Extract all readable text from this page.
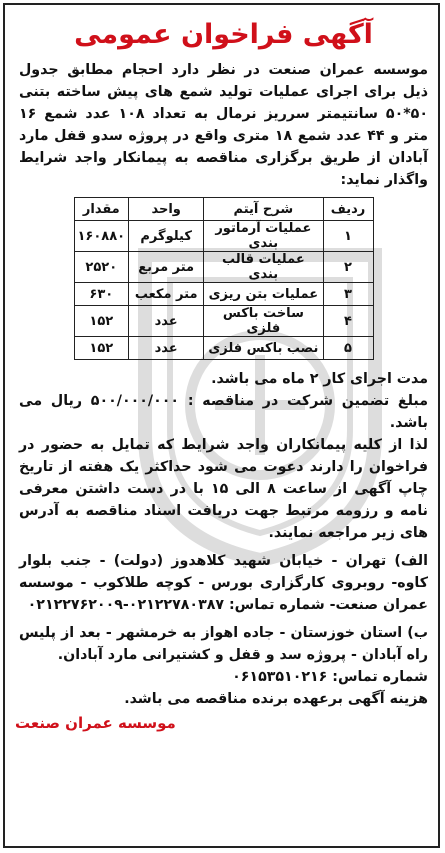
آگهی فراخوان عمومی
موسسه عمران صنعت در نظر دارد احجام مطابق جدول ذیل برای اجرای عملیات تولید شمع های پیش ساخته بتنی ۵۰*۵۰ سانتیمتر سرریز نرمال به تعداد ۱۰۸ عدد شمع ۱۶ متر و ۴۴ عدد شمع ۱۸ متری واقع در پروژه سدو قفل مارد آبادان از طریق برگزاری مناقصه به پیمانکار واجد شرایط واگذار نماید:
ردیف	شرح آیتم	واحد	مقدار
۱	عملیات آرماتور بندی	کیلوگرم	۱۶۰۸۸۰
۲	عملیات قالب بندی	متر مربع	۲۵۲۰
۳	عملیات بتن ریزی	متر مکعب	۶۳۰
۴	ساخت باکس فلزی	عدد	۱۵۲
۵	نصب باکس فلزی	عدد	۱۵۲
مدت اجرای کار ۲ ماه می باشد.
مبلغ تضمین شرکت در مناقصه : ۵۰۰/۰۰۰/۰۰۰ ریال می باشد.
لذا از کلیه پیمانکاران واجد شرایط که تمایل به حضور در فراخوان را دارند دعوت می شود حداکثر یک هفته از تاریخ چاپ آگهی از ساعت ۸ الی ۱۵ با در دست داشتن معرفی نامه و رزومه مرتبط جهت دریافت اسناد مناقصه به آدرس های زیر مراجعه نمایند.
الف) تهران - خیابان شهید کلاهدوز (دولت) - جنب بلوار کاوه- روبروی کارگزاری بورس - کوچه طلاکوب - موسسه عمران صنعت- شماره تماس: ۰۲۱۲۲۷۸۰۳۸۷-۰۲۱۲۲۷۶۲۰۰۹
ب) استان خوزستان - جاده اهواز به خرمشهر - بعد از پلیس راه آبادان - پروژه سد و قفل و کشتیرانی مارد آبادان.
شماره تماس: ۰۶۱۵۳۵۱۰۲۱۶
هزینه آگهی برعهده برنده مناقصه می باشد.
موسسه عمران صنعت
